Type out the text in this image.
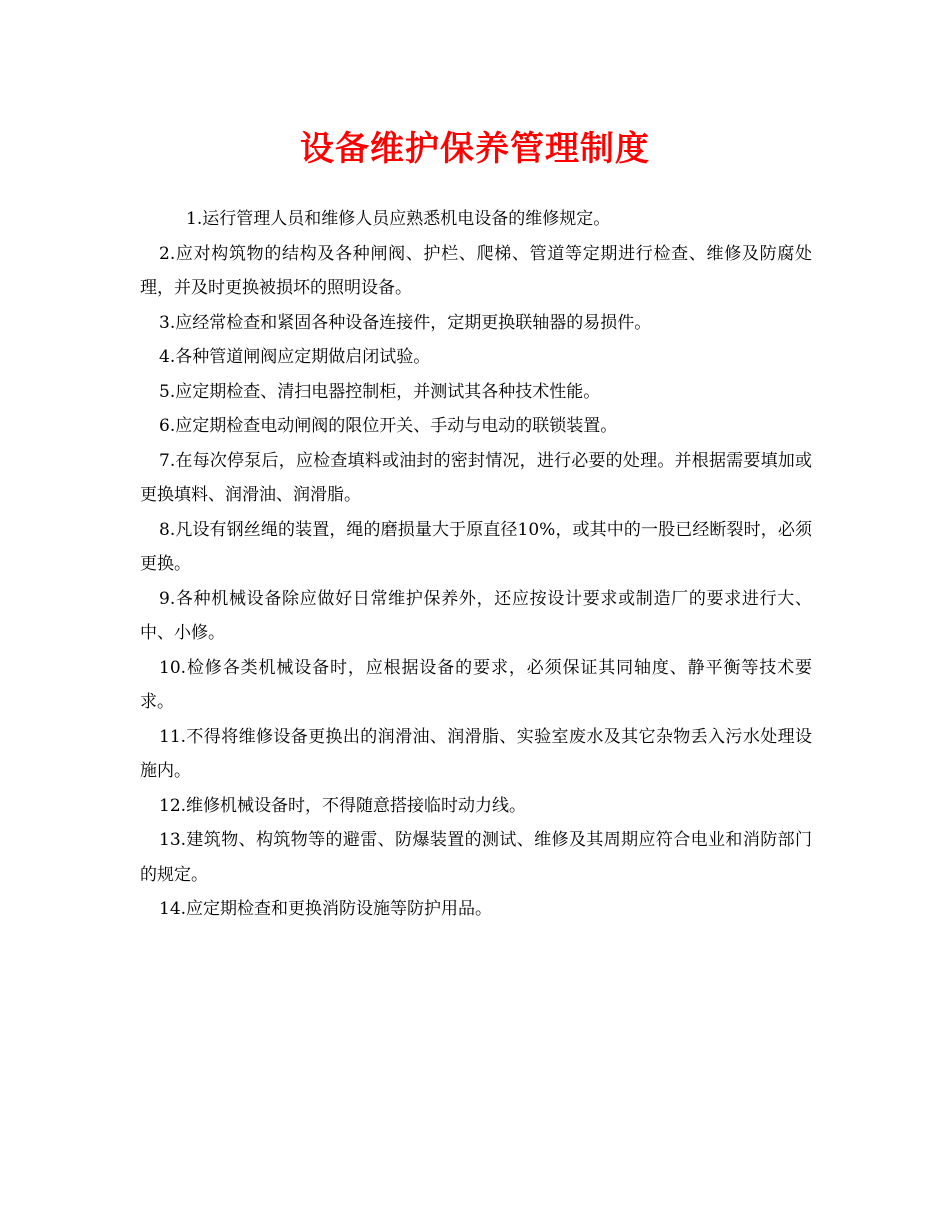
设备维护保养管理制度

1.运行管理人员和维修人员应熟悉机电设备的维修规定。

2.应对构筑物的结构及各种闸阀、护栏、爬梯、管道等定期进行检查、维修及防腐处理，并及时更换被损坏的照明设备。

3.应经常检查和紧固各种设备连接件，定期更换联轴器的易损件。

4.各种管道闸阀应定期做启闭试验。

5.应定期检查、清扫电器控制柜，并测试其各种技术性能。

6.应定期检查电动闸阀的限位开关、手动与电动的联锁装置。

7.在每次停泵后，应检查填料或油封的密封情况，进行必要的处理。并根据需要填加或更换填料、润滑油、润滑脂。

8.凡设有钢丝绳的装置，绳的磨损量大于原直径10%，或其中的一股已经断裂时，必须更换。

9.各种机械设备除应做好日常维护保养外，还应按设计要求或制造厂的要求进行大、中、小修。

10.检修各类机械设备时，应根据设备的要求，必须保证其同轴度、静平衡等技术要求。

11.不得将维修设备更换出的润滑油、润滑脂、实验室废水及其它杂物丢入污水处理设施内。

12.维修机械设备时，不得随意搭接临时动力线。

13.建筑物、构筑物等的避雷、防爆装置的测试、维修及其周期应符合电业和消防部门的规定。

14.应定期检查和更换消防设施等防护用品。
